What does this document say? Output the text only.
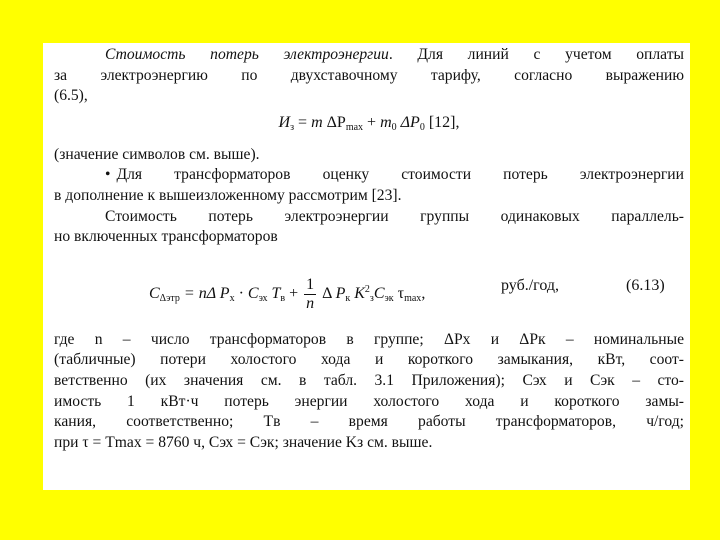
Стоимость потерь электроэнергии. Для линий с учетом оплаты

за электроэнергию по двухставочному тарифу, согласно выражению
(6.5),

$И_з = m$ $\Delta P_{max} + m_0$ $\Delta P_0$ [12],

(значение символов см. выше).

• Для трансформаторов оценку стоимости потерь электроэнергии

в дополнение к вышеизложенному рассмотрим [23].

Стоимость потерь электроэнергии группы одинаковых параллель-

но включенных трансформаторов

$C_{\Delta этр} = n\Delta$ $P_x \cdot C_{эх}$ $T_в + \frac{1}{n}$ Δ $P_к$ $K^2_зC_{эк}$ $\tau_{max}$,	руб./год,	(6.13)

где n – число трансформаторов в группе; ΔPх и ΔPк – номинальные
(табличные) потери холостого хода и короткого замыкания, кВт, соот-
ветственно (их значения см. в табл. 3.1 Приложения); Cэх и Cэк – сто-
имость 1 кВт·ч потерь энергии холостого хода и короткого замы-
кания, соответственно; Tв – время работы трансформаторов, ч/год;
при τ = Tmax = 8760 ч, Cэх = Cэк; значение Kз см. выше.
